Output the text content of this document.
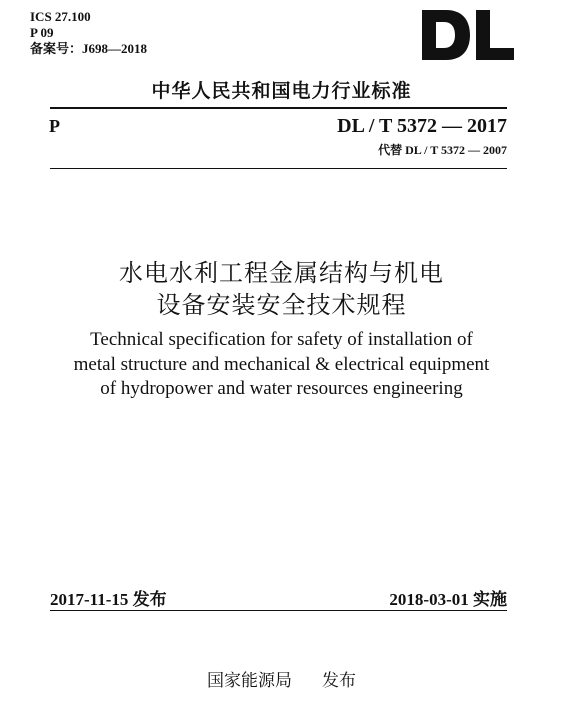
ICS 27.100
P 09
备案号：J698—2018
中华人民共和国电力行业标准
P	DL / T 5372 — 2017
代替 DL / T 5372 — 2007
水电水利工程金属结构与机电
设备安装安全技术规程
Technical specification for safety of installation of
metal structure and mechanical & electrical equipment
of hydropower and water resources engineering
2017-11-15 发布	2018-03-01 实施
国家能源局 发布
